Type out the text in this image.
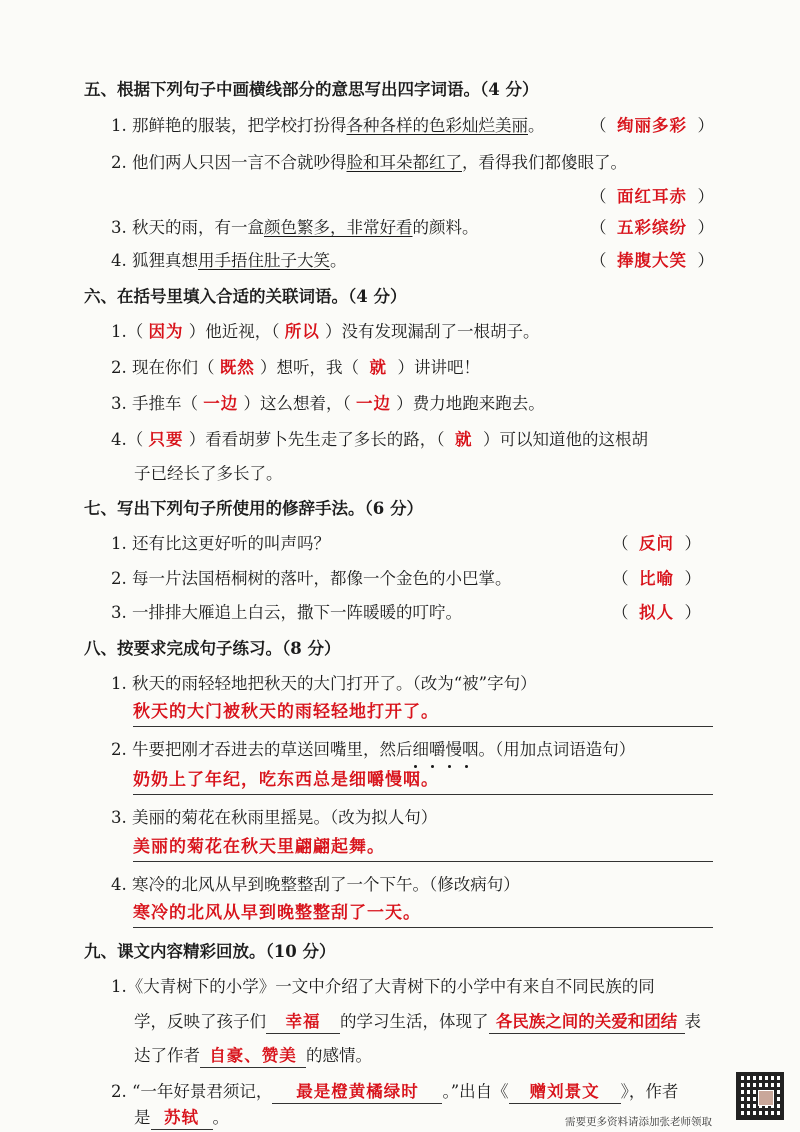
五、根据下列句子中画横线部分的意思写出四字词语。（4 分）
1. 那鲜艳的服装，把学校打扮得各种各样的色彩灿烂美丽。	（  绚丽多彩  ）
2. 他们两人只因一言不合就吵得脸和耳朵都红了，看得我们都傻眼了。
（  面红耳赤  ）
3. 秋天的雨，有一盒颜色繁多，非常好看的颜料。	（  五彩缤纷  ）
4. 狐狸真想用手捂住肚子大笑。	（  捧腹大笑  ）
六、在括号里填入合适的关联词语。（4 分）
1.（ 因为 ）他近视，（ 所以 ）没有发现漏刮了一根胡子。
2. 现在你们（ 既然 ）想听，我（ 就 ）讲讲吧！
3. 手推车（ 一边 ）这么想着，（ 一边 ）费力地跑来跑去。
4.（ 只要 ）看看胡萝卜先生走了多长的路，（ 就 ）可以知道他的这根胡
子已经长了多长了。
七、写出下列句子所使用的修辞手法。（6 分）
1. 还有比这更好听的叫声吗？	（  反问  ）
2. 每一片法国梧桐树的落叶，都像一个金色的小巴掌。	（  比喻  ）
3. 一排排大雁追上白云，撒下一阵暖暖的叮咛。	（  拟人  ）
八、按要求完成句子练习。（8 分）
1. 秋天的雨轻轻地把秋天的大门打开了。（改为“被”字句）
秋天的大门被秋天的雨轻轻地打开了。
2. 牛要把刚才吞进去的草送回嘴里，然后细嚼慢咽。（用加点词语造句）
奶奶上了年纪，吃东西总是细嚼慢咽。
3. 美丽的菊花在秋雨里摇晃。（改为拟人句）
美丽的菊花在秋天里翩翩起舞。
4. 寒冷的北风从早到晚整整刮了一个下午。（修改病句）
寒冷的北风从早到晚整整刮了一天。
九、课文内容精彩回放。（10 分）
1.《大青树下的小学》一文中介绍了大青树下的小学中有来自不同民族的同
学，反映了孩子们 幸福 的学习生活，体现了 各民族之间的关爱和团结 表
达了作者 自豪、赞美 的感情。
2. “一年好景君须记， 最是橙黄橘绿时 。”出自《 赠刘景文 》，作者
是 苏轼 。	需要更多资料请添加张老师领取
